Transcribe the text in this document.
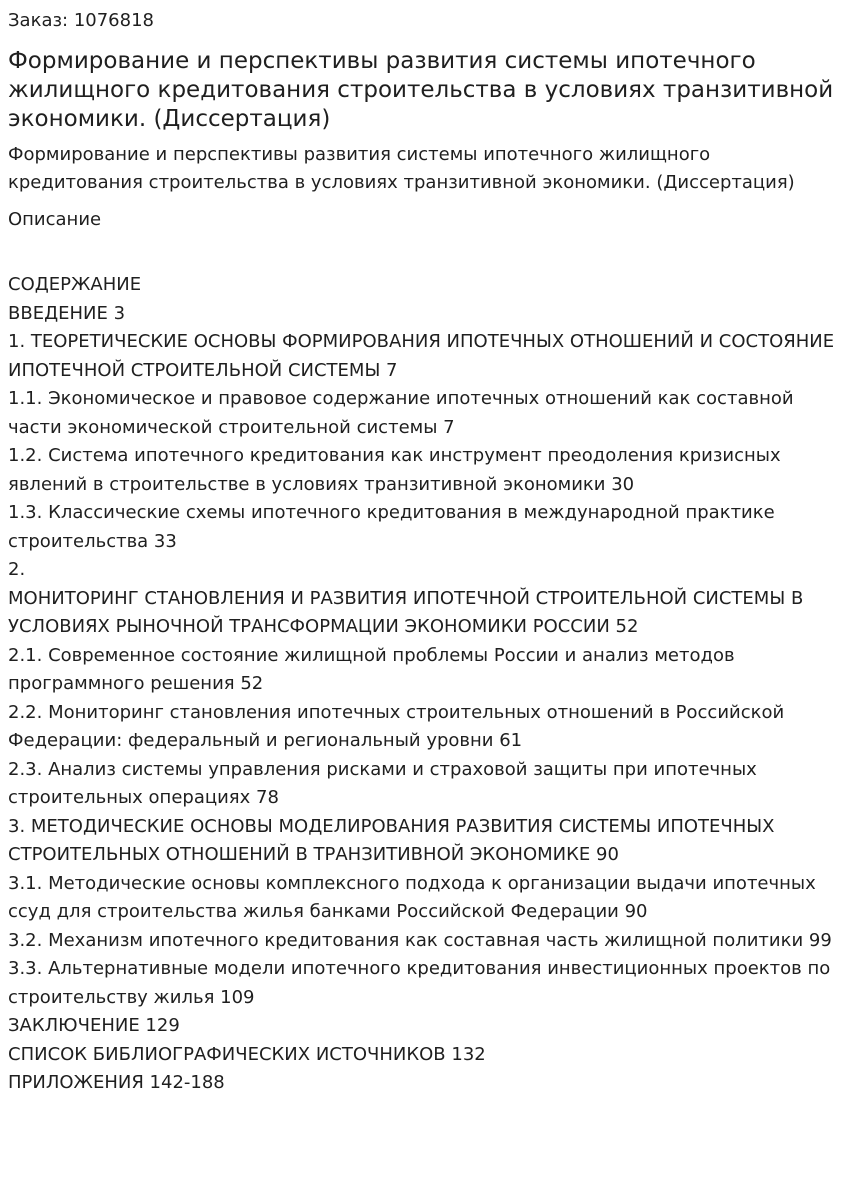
Заказ: 1076818
Формирование и перспективы развития системы ипотечного жилищного кредитования строительства в условиях транзитивной экономики. (Диссертация)
Формирование и перспективы развития системы ипотечного жилищного кредитования строительства в условиях транзитивной экономики. (Диссертация)
Описание
СОДЕРЖАНИЕ
ВВЕДЕНИЕ 3
1. ТЕОРЕТИЧЕСКИЕ ОСНОВЫ ФОРМИРОВАНИЯ ИПОТЕЧНЫХ ОТНОШЕНИЙ И СОСТОЯНИЕ ИПОТЕЧНОЙ СТРОИТЕЛЬНОЙ СИСТЕМЫ 7
1.1. Экономическое и правовое содержание ипотечных отношений как составной части экономической строительной системы 7
1.2. Система ипотечного кредитования как инструмент преодоления кризисных явлений в строительстве в условиях транзитивной экономики 30
1.3. Классические схемы ипотечного кредитования в международной практике строительства 33
2.
МОНИТОРИНГ СТАНОВЛЕНИЯ И РАЗВИТИЯ ИПОТЕЧНОЙ СТРОИТЕЛЬНОЙ СИСТЕМЫ В УСЛОВИЯХ РЫНОЧНОЙ ТРАНСФОРМАЦИИ ЭКОНОМИКИ РОССИИ 52
2.1. Современное состояние жилищной проблемы России и анализ методов программного решения 52
2.2. Мониторинг становления ипотечных строительных отношений в Российской Федерации: федеральный и региональный уровни 61
2.3. Анализ системы управления рисками и страховой защиты при ипотечных строительных операциях 78
3. МЕТОДИЧЕСКИЕ ОСНОВЫ МОДЕЛИРОВАНИЯ РАЗВИТИЯ СИСТЕМЫ ИПОТЕЧНЫХ СТРОИТЕЛЬНЫХ ОТНОШЕНИЙ В ТРАНЗИТИВНОЙ ЭКОНОМИКЕ 90
3.1. Методические основы комплексного подхода к организации выдачи ипотечных ссуд для строительства жилья банками Российской Федерации 90
3.2. Механизм ипотечного кредитования как составная часть жилищной политики 99
3.3. Альтернативные модели ипотечного кредитования инвестиционных проектов по строительству жилья 109
ЗАКЛЮЧЕНИЕ 129
СПИСОК БИБЛИОГРАФИЧЕСКИХ ИСТОЧНИКОВ 132
ПРИЛОЖЕНИЯ 142-188
